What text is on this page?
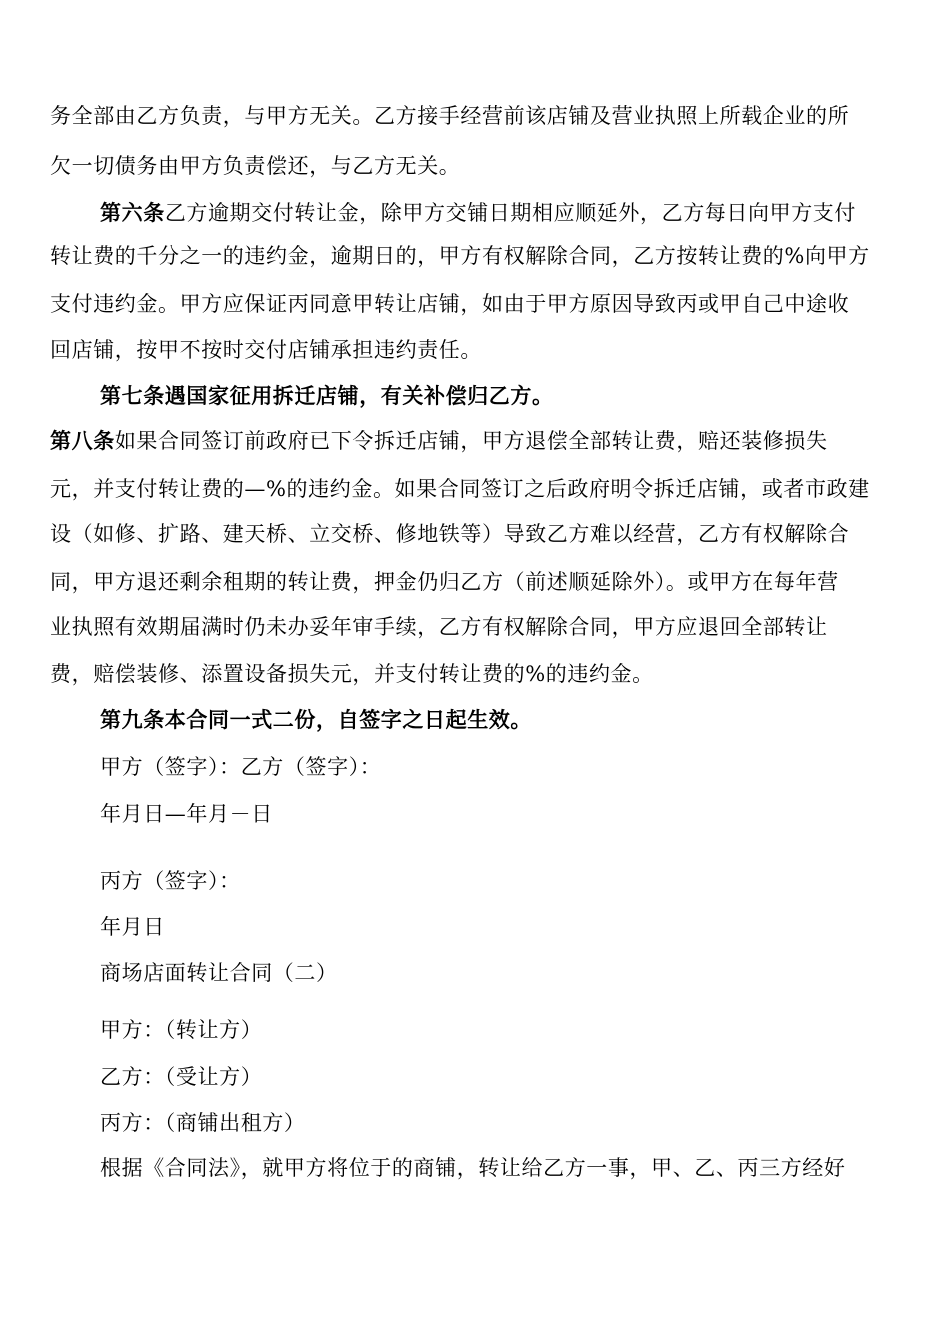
务全部由乙方负责，与甲方无关。乙方接手经营前该店铺及营业执照上所载企业的所
欠一切债务由甲方负责偿还，与乙方无关。
第六条乙方逾期交付转让金，除甲方交铺日期相应顺延外，乙方每日向甲方支付
转让费的千分之一的违约金，逾期日的，甲方有权解除合同，乙方按转让费的%向甲方
支付违约金。甲方应保证丙同意甲转让店铺，如由于甲方原因导致丙或甲自己中途收
回店铺，按甲不按时交付店铺承担违约责任。
第七条遇国家征用拆迁店铺，有关补偿归乙方。
第八条如果合同签订前政府已下令拆迁店铺，甲方退偿全部转让费，赔还装修损失
元，并支付转让费的—%的违约金。如果合同签订之后政府明令拆迁店铺，或者市政建
设（如修、扩路、建天桥、立交桥、修地铁等）导致乙方难以经营，乙方有权解除合
同，甲方退还剩余租期的转让费，押金仍归乙方（前述顺延除外）。或甲方在每年营
业执照有效期届满时仍未办妥年审手续，乙方有权解除合同，甲方应退回全部转让
费，赔偿装修、添置设备损失元，并支付转让费的%的违约金。
第九条本合同一式二份，自签字之日起生效。
甲方（签字）：乙方（签字）：
年月日—年月－日
丙方（签字）：
年月日
商场店面转让合同（二）
甲方：（转让方）
乙方：（受让方）
丙方：（商铺出租方）
根据《合同法》，就甲方将位于的商铺，转让给乙方一事，甲、乙、丙三方经好
